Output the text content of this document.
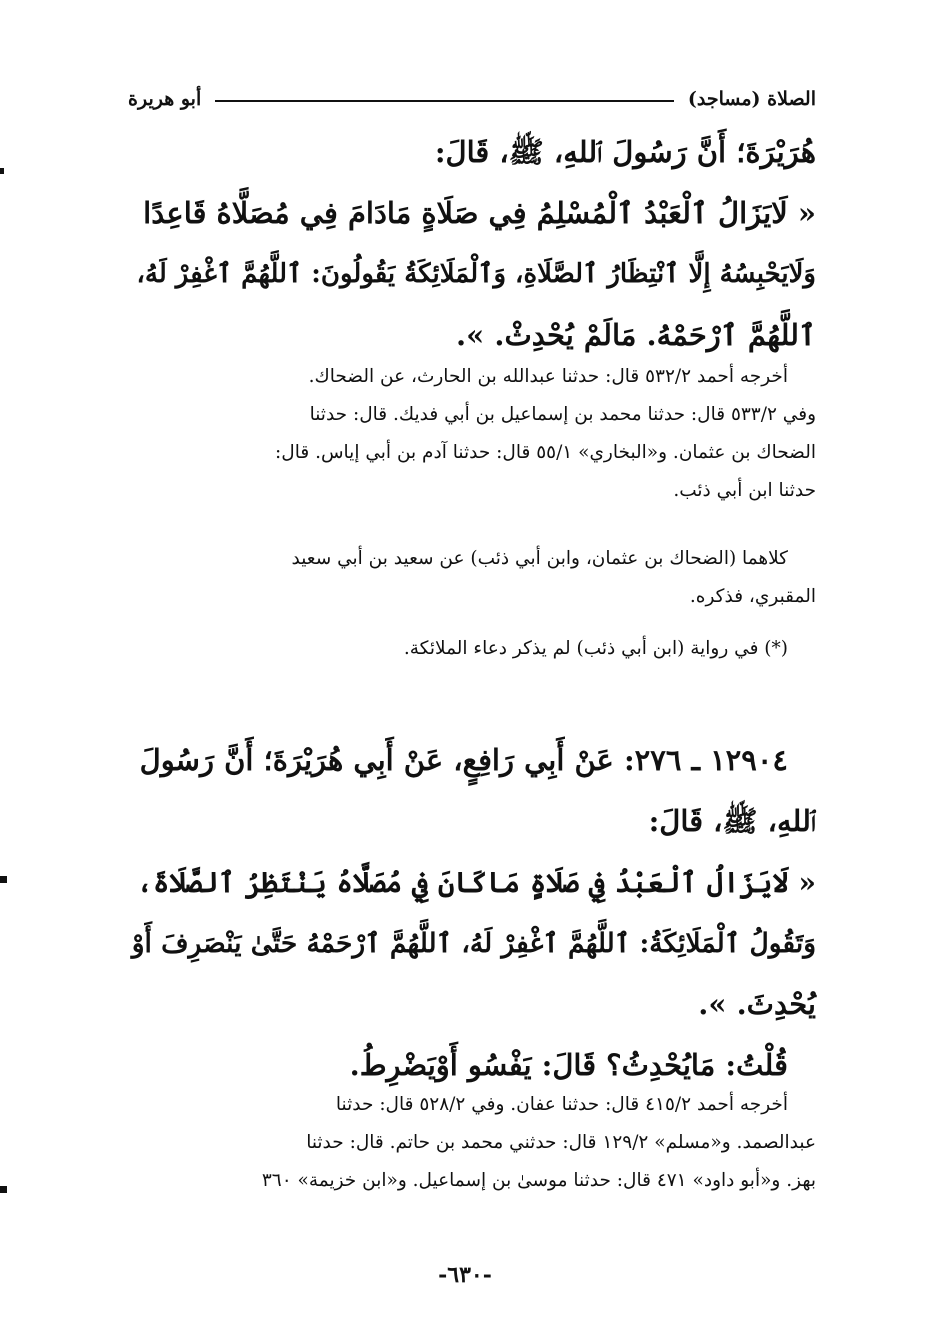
الصلاة (مساجد)
أبو هريرة

هُرَيْرَةَ؛ أَنَّ رَسُولَ ٱللهِ، ﷺ، قَالَ:
« لَايَزَالُ ٱلْعَبْدُ ٱلْمُسْلِمُ فِي صَلَاةٍ مَادَامَ فِي مُصَلَّاهُ قَاعِدًا
وَلَايَحْبِسُهُ إِلَّا ٱنْتِظَارُ ٱلصَّلَاةِ، وَٱلْمَلَائِكَةُ يَقُولُونَ: ٱللَّهُمَّ ٱغْفِرْ لَهُ،
ٱللَّهُمَّ ٱرْحَمْهُ. مَالَمْ يُحْدِثْ. ».

أخرجه أحمد ٥٣٢/٢ قال: حدثنا عبدالله بن الحارث، عن الضحاك.
وفي ٥٣٣/٢ قال: حدثنا محمد بن إسماعيل بن أبي فديك. قال: حدثنا
الضحاك بن عثمان. و«البخاري» ٥٥/١ قال: حدثنا آدم بن أبي إياس. قال:
حدثنا ابن أبي ذئب.

كلاهما (الضحاك بن عثمان، وابن أبي ذئب) عن سعيد بن أبي سعيد
المقبري، فذكره.

(*) في رواية (ابن أبي ذئب) لم يذكر دعاء الملائكة.

١٢٩٠٤ ـ ٢٧٦: عَنْ أَبِي رَافِعٍ، عَنْ أَبِي هُرَيْرَةَ؛ أَنَّ رَسُولَ
ٱللهِ، ﷺ، قَالَ:
« لَايَزَالُ ٱلْعَبْدُ فِي صَلَاةٍ مَاكَانَ فِي مُصَلَّاهُ يَنْتَظِرُ ٱلصَّلَاةَ،
وَتَقُولُ ٱلْمَلَائِكَةُ: ٱللَّهُمَّ ٱغْفِرْ لَهُ، ٱللَّهُمَّ ٱرْحَمْهُ حَتَّىٰ يَنْصَرِفَ أَوْ
يُحْدِثَ. ».
قُلْتُ: مَايُحْدِثُ؟ قَالَ: يَفْسُو أَوْيَضْرِطُ.

أخرجه أحمد ٤١٥/٢ قال: حدثنا عفان. وفي ٥٢٨/٢ قال: حدثنا
عبدالصمد. و«مسلم» ١٢٩/٢ قال: حدثني محمد بن حاتم. قال: حدثنا
بهز. و«أبو داود» ٤٧١ قال: حدثنا موسىٰ بن إسماعيل. و«ابن خزيمة» ٣٦٠

-٦٣٠-
